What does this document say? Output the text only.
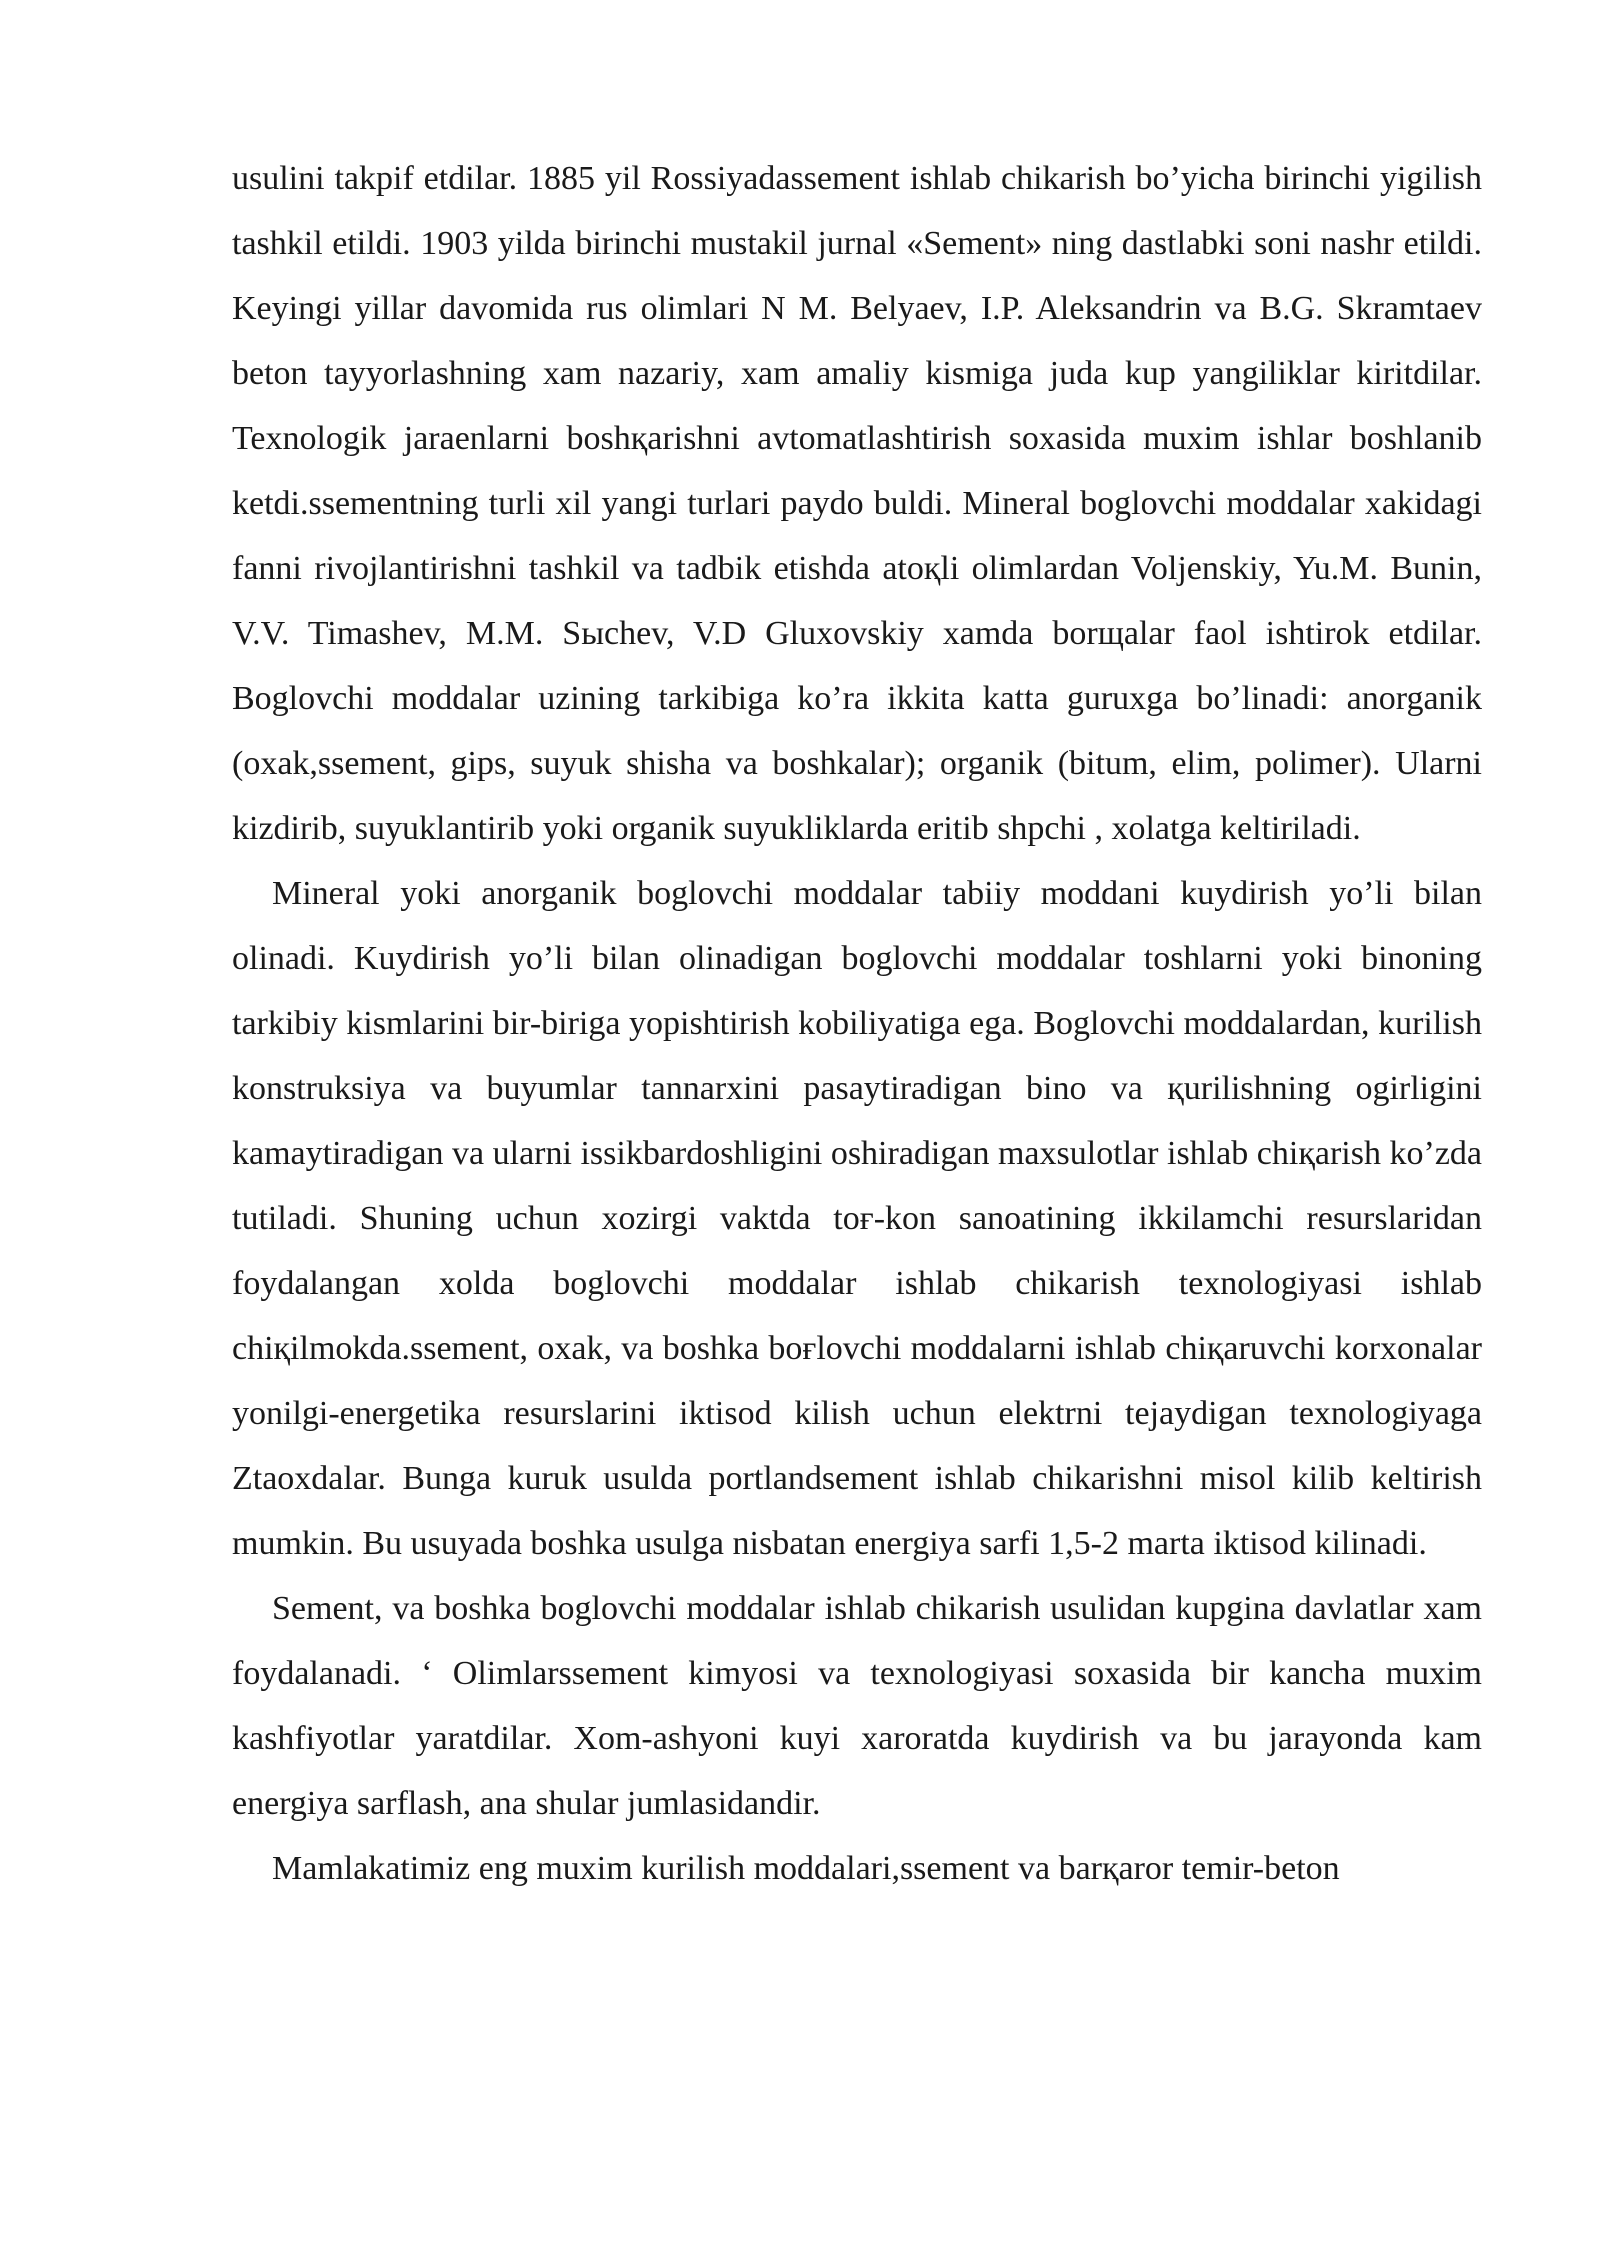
usulini takpif etdilar. 1885 yil Rossiyadassement ishlab chikarish bo’yicha birinchi yigilish tashkil etildi. 1903 yilda birinchi mustakil jurnal «Sement» ning dastlabki soni nashr etildi. Keyingi yillar davomida rus olimlari N M. Belyaev, I.P. Aleksandrin va B.G. Skramtaev beton tayyorlashning xam nazariy, xam amaliy kismiga juda kup yangiliklar kiritdilar. Texnologik jaraenlarni boshқarishni avtomatlashtirish soxasida muxim ishlar boshlanib ketdi.ssementning turli xil yangi turlari paydo buldi. Mineral boglovchi moddalar xakidagi fanni rivojlantirishni tashkil va tadbik etishda atoқli olimlardan Voljenskiy, Yu.M. Bunin, V.V. Timashev, M.M. Sыchev, V.D Gluxovskiy xamda borщalar faol ishtirok etdilar. Boglovchi moddalar uzining tarkibiga ko’ra ikkita katta guruxga bo’linadi: anorganik (oxak,ssement, gips, suyuk shisha va boshkalar); organik (bitum, elim, polimer). Ularni kizdirib, suyuklantirib yoki organik suyukliklarda eritib shpchi , xolatga keltiriladi.

Mineral yoki anorganik boglovchi moddalar tabiiy moddani kuydirish yo’li bilan olinadi. Kuydirish yo’li bilan olinadigan boglovchi moddalar toshlarni yoki binoning tarkibiy kismlarini bir-biriga yopishtirish kobiliyatiga ega. Boglovchi moddalardan, kurilish konstruksiya va buyumlar tannarxini pasaytiradigan bino va қurilishning ogirligini kamaytiradigan va ularni issikbardoshligini oshiradigan maxsulotlar ishlab chiқarish ko’zda tutiladi. Shuning uchun xozirgi vaktda toғ-kon sanoatining ikkilamchi resurslaridan foydalangan xolda boglovchi moddalar ishlab chikarish texnologiyasi ishlab chiқilmokda.ssement, oxak, va boshka boғlovchi moddalarni ishlab chiқaruvchi korxonalar yonilgi-energetika resurslarini iktisod kilish uchun elektrni tejaydigan texnologiyaga Ztaoxdalar. Bunga kuruk usulda portlandsement ishlab chikarishni misol kilib keltirish mumkin. Bu usuyada boshka usulga nisbatan energiya sarfi 1,5-2 marta iktisod kilinadi.

Sement, va boshka boglovchi moddalar ishlab chikarish usulidan kupgina davlatlar xam foydalanadi. ‘ Olimlarssement kimyosi va texnologiyasi soxasida bir kancha muxim kashfiyotlar yaratdilar. Xom-ashyoni kuyi xaroratda kuydirish va bu jarayonda kam energiya sarflash, ana shular jumlasidandir.

Mamlakatimiz eng muxim kurilish moddalari,ssement va barқaror temir-beton
